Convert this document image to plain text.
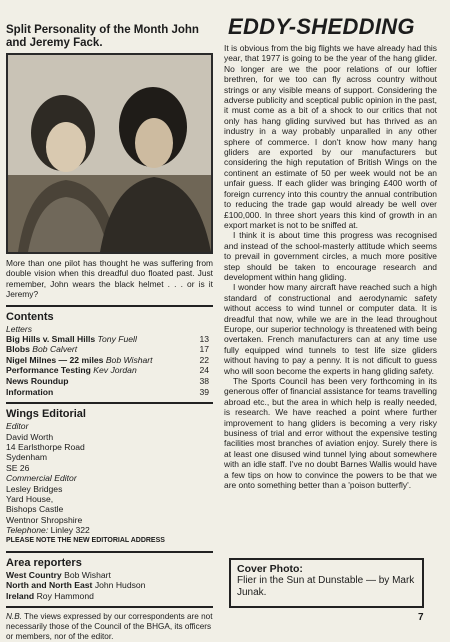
Split Personality of the Month John and Jeremy Fack.
More than one pilot has thought he was suffering from double vision when this dreadful duo floated past. Just remember, John wears the black helmet . . . or is it Jeremy?
Contents
Letters
Big Hills v. Small Hills Tony Fuell	13
Blobs Bob Calvert	17
Nigel Milnes — 22 miles Bob Wishart	22
Performance Testing Kev Jordan	24
News Roundup	38
Information	39
Wings Editorial
Editor
David Worth
14 Earlsthorpe Road
Sydenham
SE 26
Commercial Editor
Lesley Bridges
Yard House,
Bishops Castle
Wentnor Shropshire
Telephone: Linley 322
PLEASE NOTE THE NEW EDITORIAL ADDRESS
Area reporters
West Country Bob Wishart
North and North East John Hudson
Ireland Roy Hammond
N.B. The views expressed by our correspondents are not necessarily those of the Council of the BHGA, its officers or members, nor of the editor.
EDDY-SHEDDING

It is obvious from the big flights we have already had this year, that 1977 is going to be the year of the hang glider. No longer are we the poor relations of our loftier brethren, for we too can fly across country without strings or any visible means of support. Considering the adverse publicity and sceptical public opinion in the past, it must come as a bit of a shock to our critics that not only has hang gliding survived but has thrived as an industry in a way probably unparalled in any other sphere of commerce. I don't know how many hang gliders are exported by our manufacturers but considering the high reputation of British Wings on the continent an estimate of 50 per week would not be an unfair guess. If each glider was bringing £400 worth of foreign currency into this country the annual contribution to reducing the trade gap would already be well over £100,000. In three short years this kind of growth in an export market is not to be sniffed at.

I think it is about time this progress was recognised and instead of the school-masterly attitude which seems to prevail in government circles, a much more positive step should be taken to encourage research and development within hang gliding.

I wonder how many aircraft have reached such a high standard of constructional and aerodynamic safety without access to wind tunnel or computer data. It is dreadful that now, while we are in the lead throughout Europe, our superior technology is threatened with being overtaken. French manufacturers can at any time use fully equipped wind tunnels to test life size gliders without having to pay a penny. It is not dificult to guess who will soon become the experts in hang gliding safety.

The Sports Council has been very forthcoming in its generous offer of financial assistance for teams travelling abroad etc., but the area in which help is really needed, is research. We have reached a point where further improvement to hang gliders is becoming a very risky business of trial and error without the expensive testing facilities most branches of aviation enjoy. Surely there is at least one disused wind tunnel lying about somewhere with an idle staff. I've no doubt Barnes Wallis would have a few tips on how to convince the powers to be that we are onto something better than a 'poison butterfly'.

Cover Photo:
Flier in the Sun at Dunstable — by Mark Junak.
7
